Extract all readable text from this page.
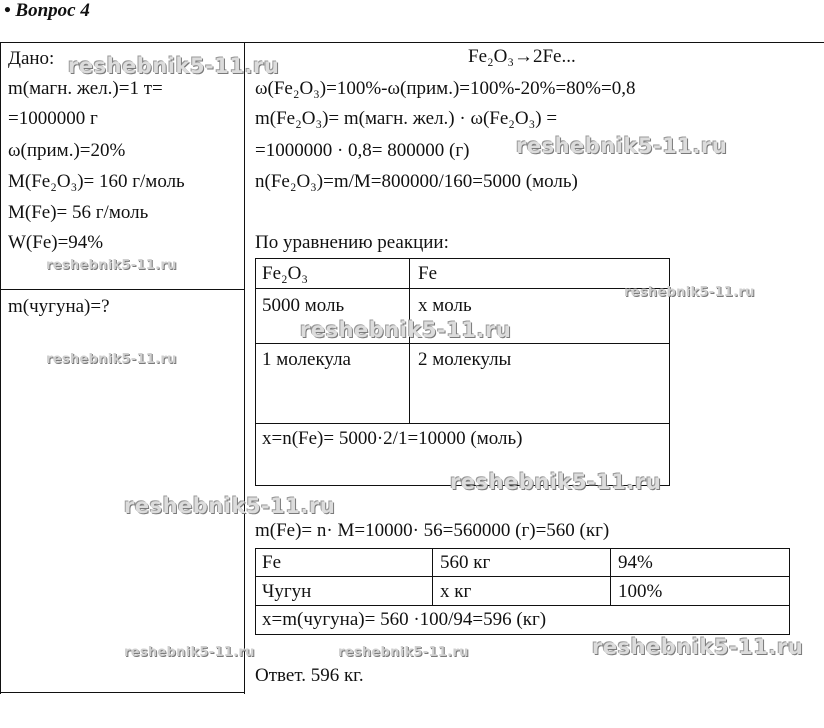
• Вопрос 4
Дано:
m(магн. жел.)=1 т=
=1000000 г
ω(прим.)=20%
M(Fe₂O₃)= 160 г/моль
M(Fe)= 56 г/моль
W(Fe)=94%
m(чугуна)=?
Fe₂O₃→2Fe...
ω(Fe₂O₃)=100%-ω(прим.)=100%-20%=80%=0,8
m(Fe₂O₃)= m(магн. жел.) · ω(Fe₂O₃) =
=1000000 · 0,8= 800000 (г)
n(Fe₂O₃)=m/M=800000/160=5000 (моль)
По уравнению реакции:
Fe₂O₃	Fe
5000 моль	x моль
1 молекула	2 молекулы
x=n(Fe)= 5000·2/1=10000 (моль)
m(Fe)= n· M=10000· 56=560000 (г)=560 (кг)
Fe	560 кг	94%
Чугун	x кг	100%
x=m(чугуна)= 560 ·100/94=596 (кг)
Ответ. 596 кг.
reshebnik5-11.ru
reshebnik5-11.ru
reshebnik5-11.ru
reshebnik5-11.ru
reshebnik5-11.ru
reshebnik5-11.ru
reshebnik5-11.ru
reshebnik5-11.ru
reshebnik5-11.ru
reshebnik5-11.ru	reshebnik5-11.ru
